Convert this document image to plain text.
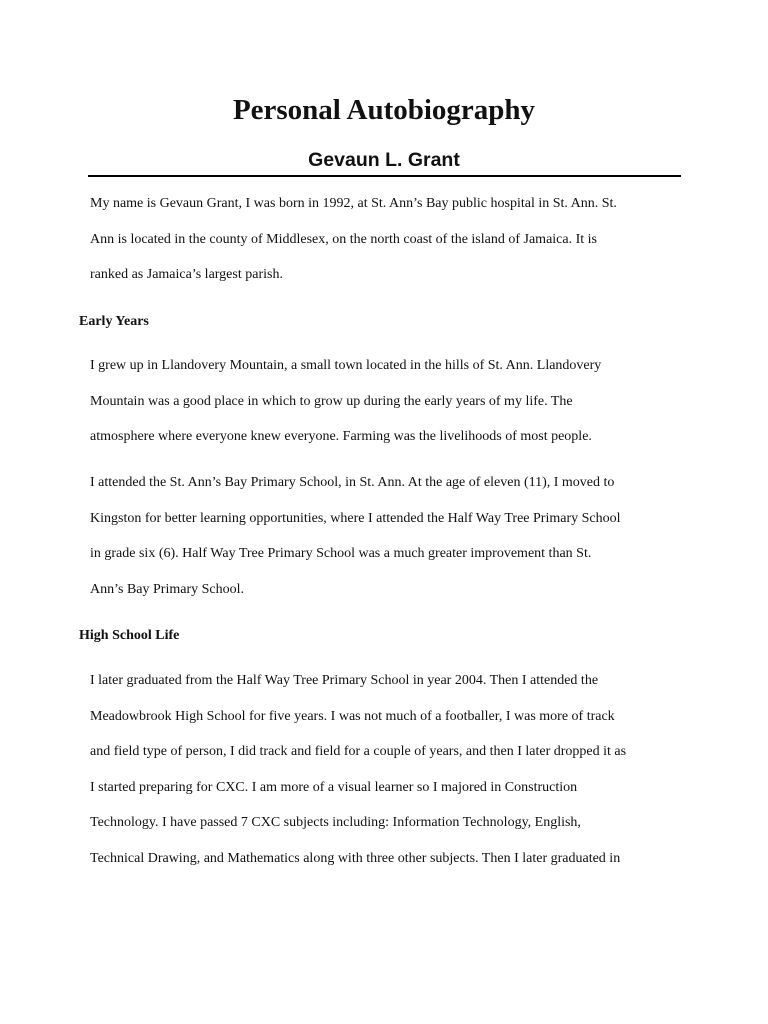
Personal Autobiography
Gevaun L. Grant

My name is Gevaun Grant, I was born in 1992, at St. Ann’s Bay public hospital in St. Ann. St.
Ann is located in the county of Middlesex, on the north coast of the island of Jamaica. It is
ranked as Jamaica’s largest parish.

Early Years

I grew up in Llandovery Mountain, a small town located in the hills of St. Ann. Llandovery
Mountain was a good place in which to grow up during the early years of my life. The
atmosphere where everyone knew everyone. Farming was the livelihoods of most people.

I attended the St. Ann’s Bay Primary School, in St. Ann. At the age of eleven (11), I moved to
Kingston for better learning opportunities, where I attended the Half Way Tree Primary School
in grade six (6). Half Way Tree Primary School was a much greater improvement than St.
Ann’s Bay Primary School.

High School Life

I later graduated from the Half Way Tree Primary School in year 2004. Then I attended the
Meadowbrook High School for five years. I was not much of a footballer, I was more of track
and field type of person, I did track and field for a couple of years, and then I later dropped it as
I started preparing for CXC. I am more of a visual learner so I majored in Construction
Technology. I have passed 7 CXC subjects including: Information Technology, English,
Technical Drawing, and Mathematics along with three other subjects. Then I later graduated in
